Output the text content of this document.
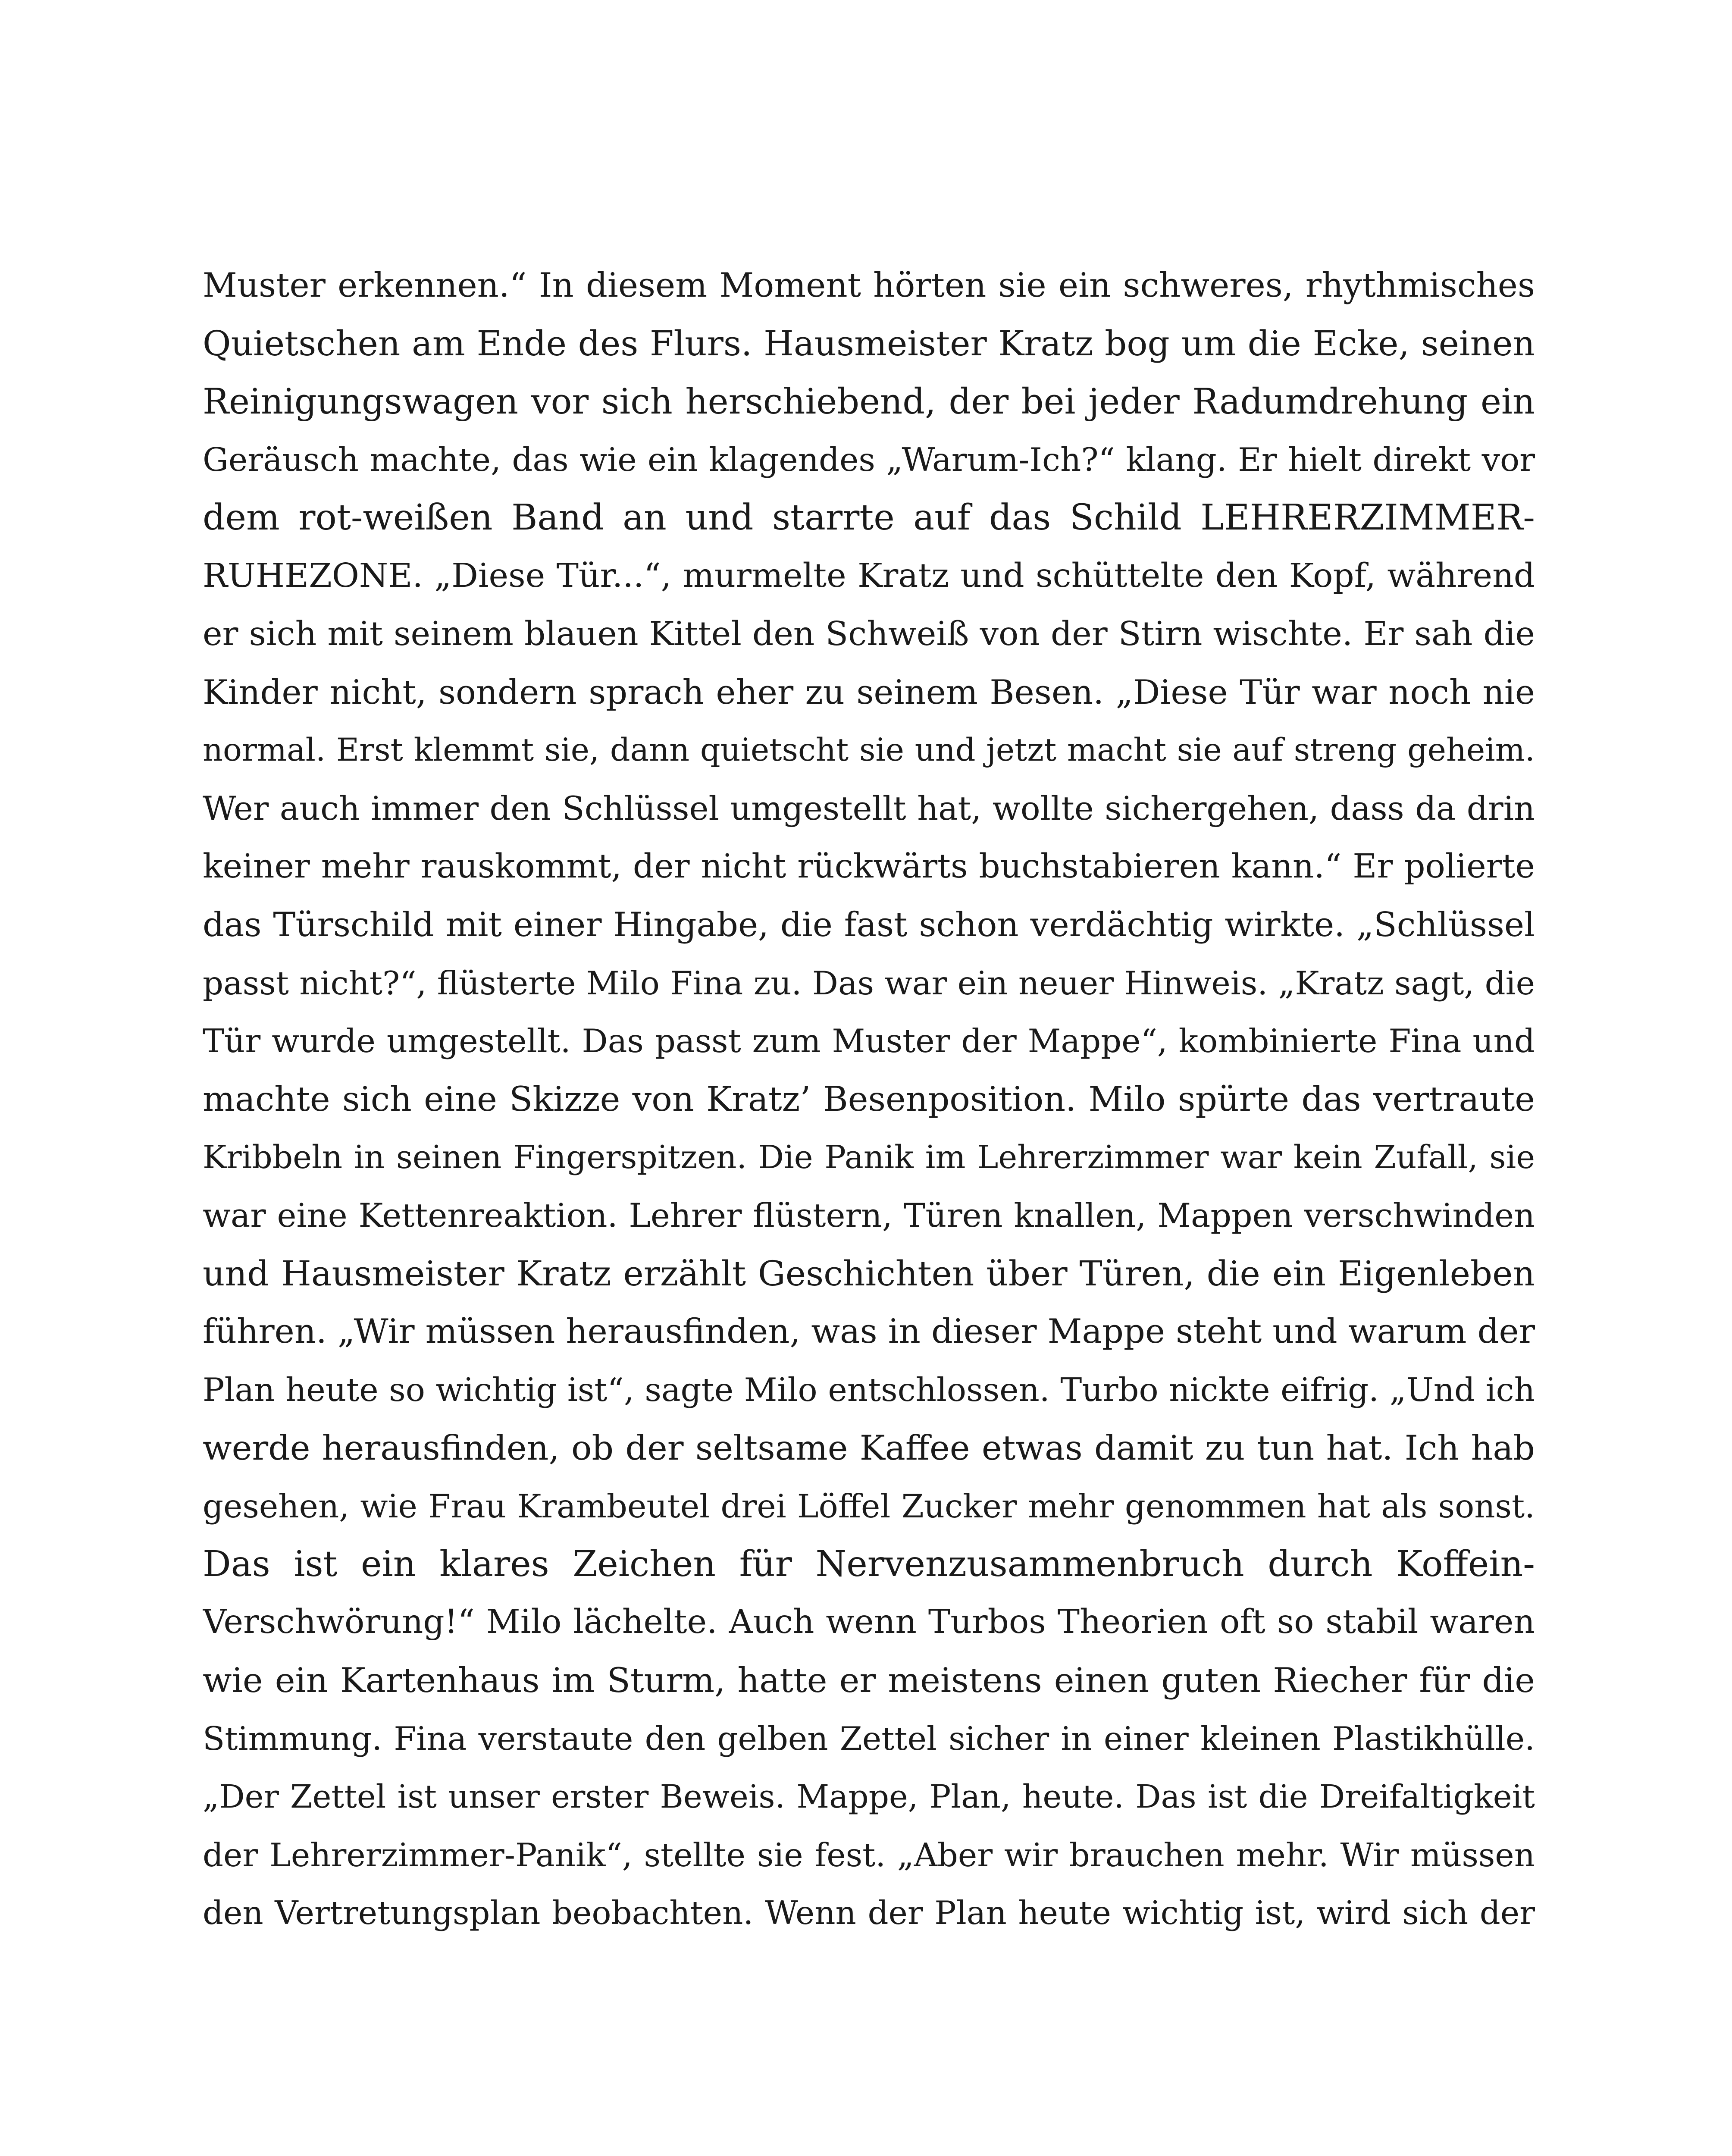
Muster erkennen.“ In diesem Moment hörten sie ein schweres, rhythmisches
Quietschen am Ende des Flurs. Hausmeister Kratz bog um die Ecke, seinen
Reinigungswagen vor sich herschiebend, der bei jeder Radumdrehung ein
Geräusch machte, das wie ein klagendes „Warum-Ich?“ klang. Er hielt direkt vor
dem rot-weißen Band an und starrte auf das Schild LEHRERZIMMER-
RUHEZONE. „Diese Tür...“, murmelte Kratz und schüttelte den Kopf, während
er sich mit seinem blauen Kittel den Schweiß von der Stirn wischte. Er sah die
Kinder nicht, sondern sprach eher zu seinem Besen. „Diese Tür war noch nie
normal. Erst klemmt sie, dann quietscht sie und jetzt macht sie auf streng geheim.
Wer auch immer den Schlüssel umgestellt hat, wollte sichergehen, dass da drin
keiner mehr rauskommt, der nicht rückwärts buchstabieren kann.“ Er polierte
das Türschild mit einer Hingabe, die fast schon verdächtig wirkte. „Schlüssel
passt nicht?“, flüsterte Milo Fina zu. Das war ein neuer Hinweis. „Kratz sagt, die
Tür wurde umgestellt. Das passt zum Muster der Mappe“, kombinierte Fina und
machte sich eine Skizze von Kratz’ Besenposition. Milo spürte das vertraute
Kribbeln in seinen Fingerspitzen. Die Panik im Lehrerzimmer war kein Zufall, sie
war eine Kettenreaktion. Lehrer flüstern, Türen knallen, Mappen verschwinden
und Hausmeister Kratz erzählt Geschichten über Türen, die ein Eigenleben
führen. „Wir müssen herausfinden, was in dieser Mappe steht und warum der
Plan heute so wichtig ist“, sagte Milo entschlossen. Turbo nickte eifrig. „Und ich
werde herausfinden, ob der seltsame Kaffee etwas damit zu tun hat. Ich hab
gesehen, wie Frau Krambeutel drei Löffel Zucker mehr genommen hat als sonst.
Das ist ein klares Zeichen für Nervenzusammenbruch durch Koffein-
Verschwörung!“ Milo lächelte. Auch wenn Turbos Theorien oft so stabil waren
wie ein Kartenhaus im Sturm, hatte er meistens einen guten Riecher für die
Stimmung. Fina verstaute den gelben Zettel sicher in einer kleinen Plastikhülle.
„Der Zettel ist unser erster Beweis. Mappe, Plan, heute. Das ist die Dreifaltigkeit
der Lehrerzimmer-Panik“, stellte sie fest. „Aber wir brauchen mehr. Wir müssen
den Vertretungsplan beobachten. Wenn der Plan heute wichtig ist, wird sich der
